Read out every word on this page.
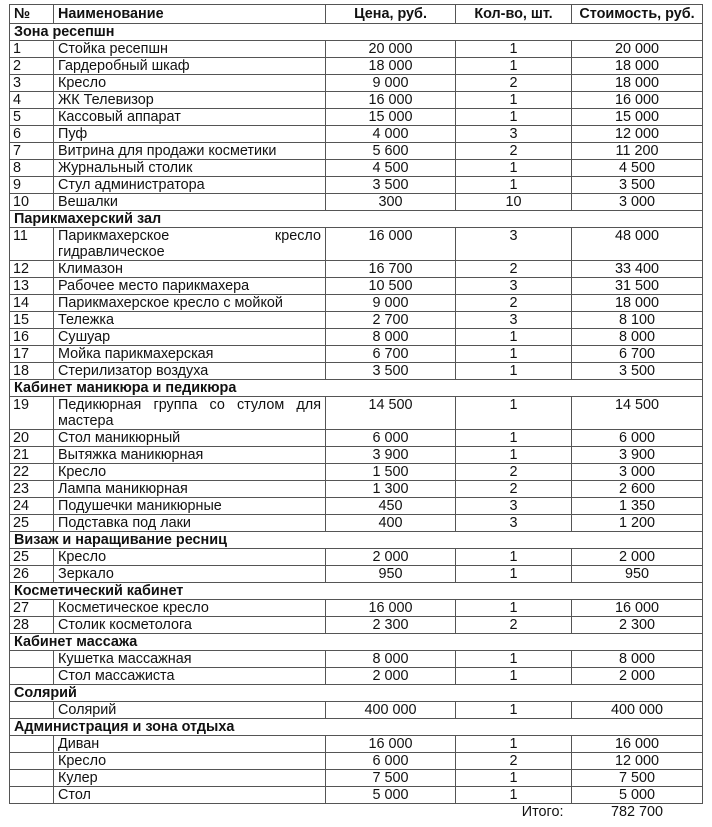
№	Наименование	Цена, руб.	Кол-во, шт.	Стоимость, руб.
Зона ресепшн				
1	Стойка ресепшн	20 000	1	20 000
2	Гардеробный шкаф	18 000	1	18 000
3	Кресло	9 000	2	18 000
4	ЖК Телевизор	16 000	1	16 000
5	Кассовый аппарат	15 000	1	15 000
6	Пуф	4 000	3	12 000
7	Витрина для продажи косметики	5 600	2	11 200
8	Журнальный столик	4 500	1	4 500
9	Стул администратора	3 500	1	3 500
10	Вешалки	300	10	3 000
Парикмахерский зал				
11	Парикмахерское кресло гидравлическое	16 000	3	48 000
12	Климазон	16 700	2	33 400
13	Рабочее место парикмахера	10 500	3	31 500
14	Парикмахерское кресло с мойкой	9 000	2	18 000
15	Тележка	2 700	3	8 100
16	Сушуар	8 000	1	8 000
17	Мойка парикмахерская	6 700	1	6 700
18	Стерилизатор воздуха	3 500	1	3 500
Кабинет маникюра и педикюра				
19	Педикюрная группа со стулом для мастера	14 500	1	14 500
20	Стол маникюрный	6 000	1	6 000
21	Вытяжка маникюрная	3 900	1	3 900
22	Кресло	1 500	2	3 000
23	Лампа маникюрная	1 300	2	2 600
24	Подушечки маникюрные	450	3	1 350
25	Подставка под лаки	400	3	1 200
Визаж и наращивание ресниц				
25	Кресло	2 000	1	2 000
26	Зеркало	950	1	950
Косметический кабинет				
27	Косметическое кресло	16 000	1	16 000
28	Столик косметолога	2 300	2	2 300
Кабинет массажа				
	Кушетка массажная	8 000	1	8 000
	Стол массажиста	2 000	1	2 000
Солярий				
	Солярий	400 000	1	400 000
Администрация и зона отдыха				
	Диван	16 000	1	16 000
	Кресло	6 000	2	12 000
	Кулер	7 500	1	7 500
	Стол	5 000	1	5 000
			Итого:	782 700
